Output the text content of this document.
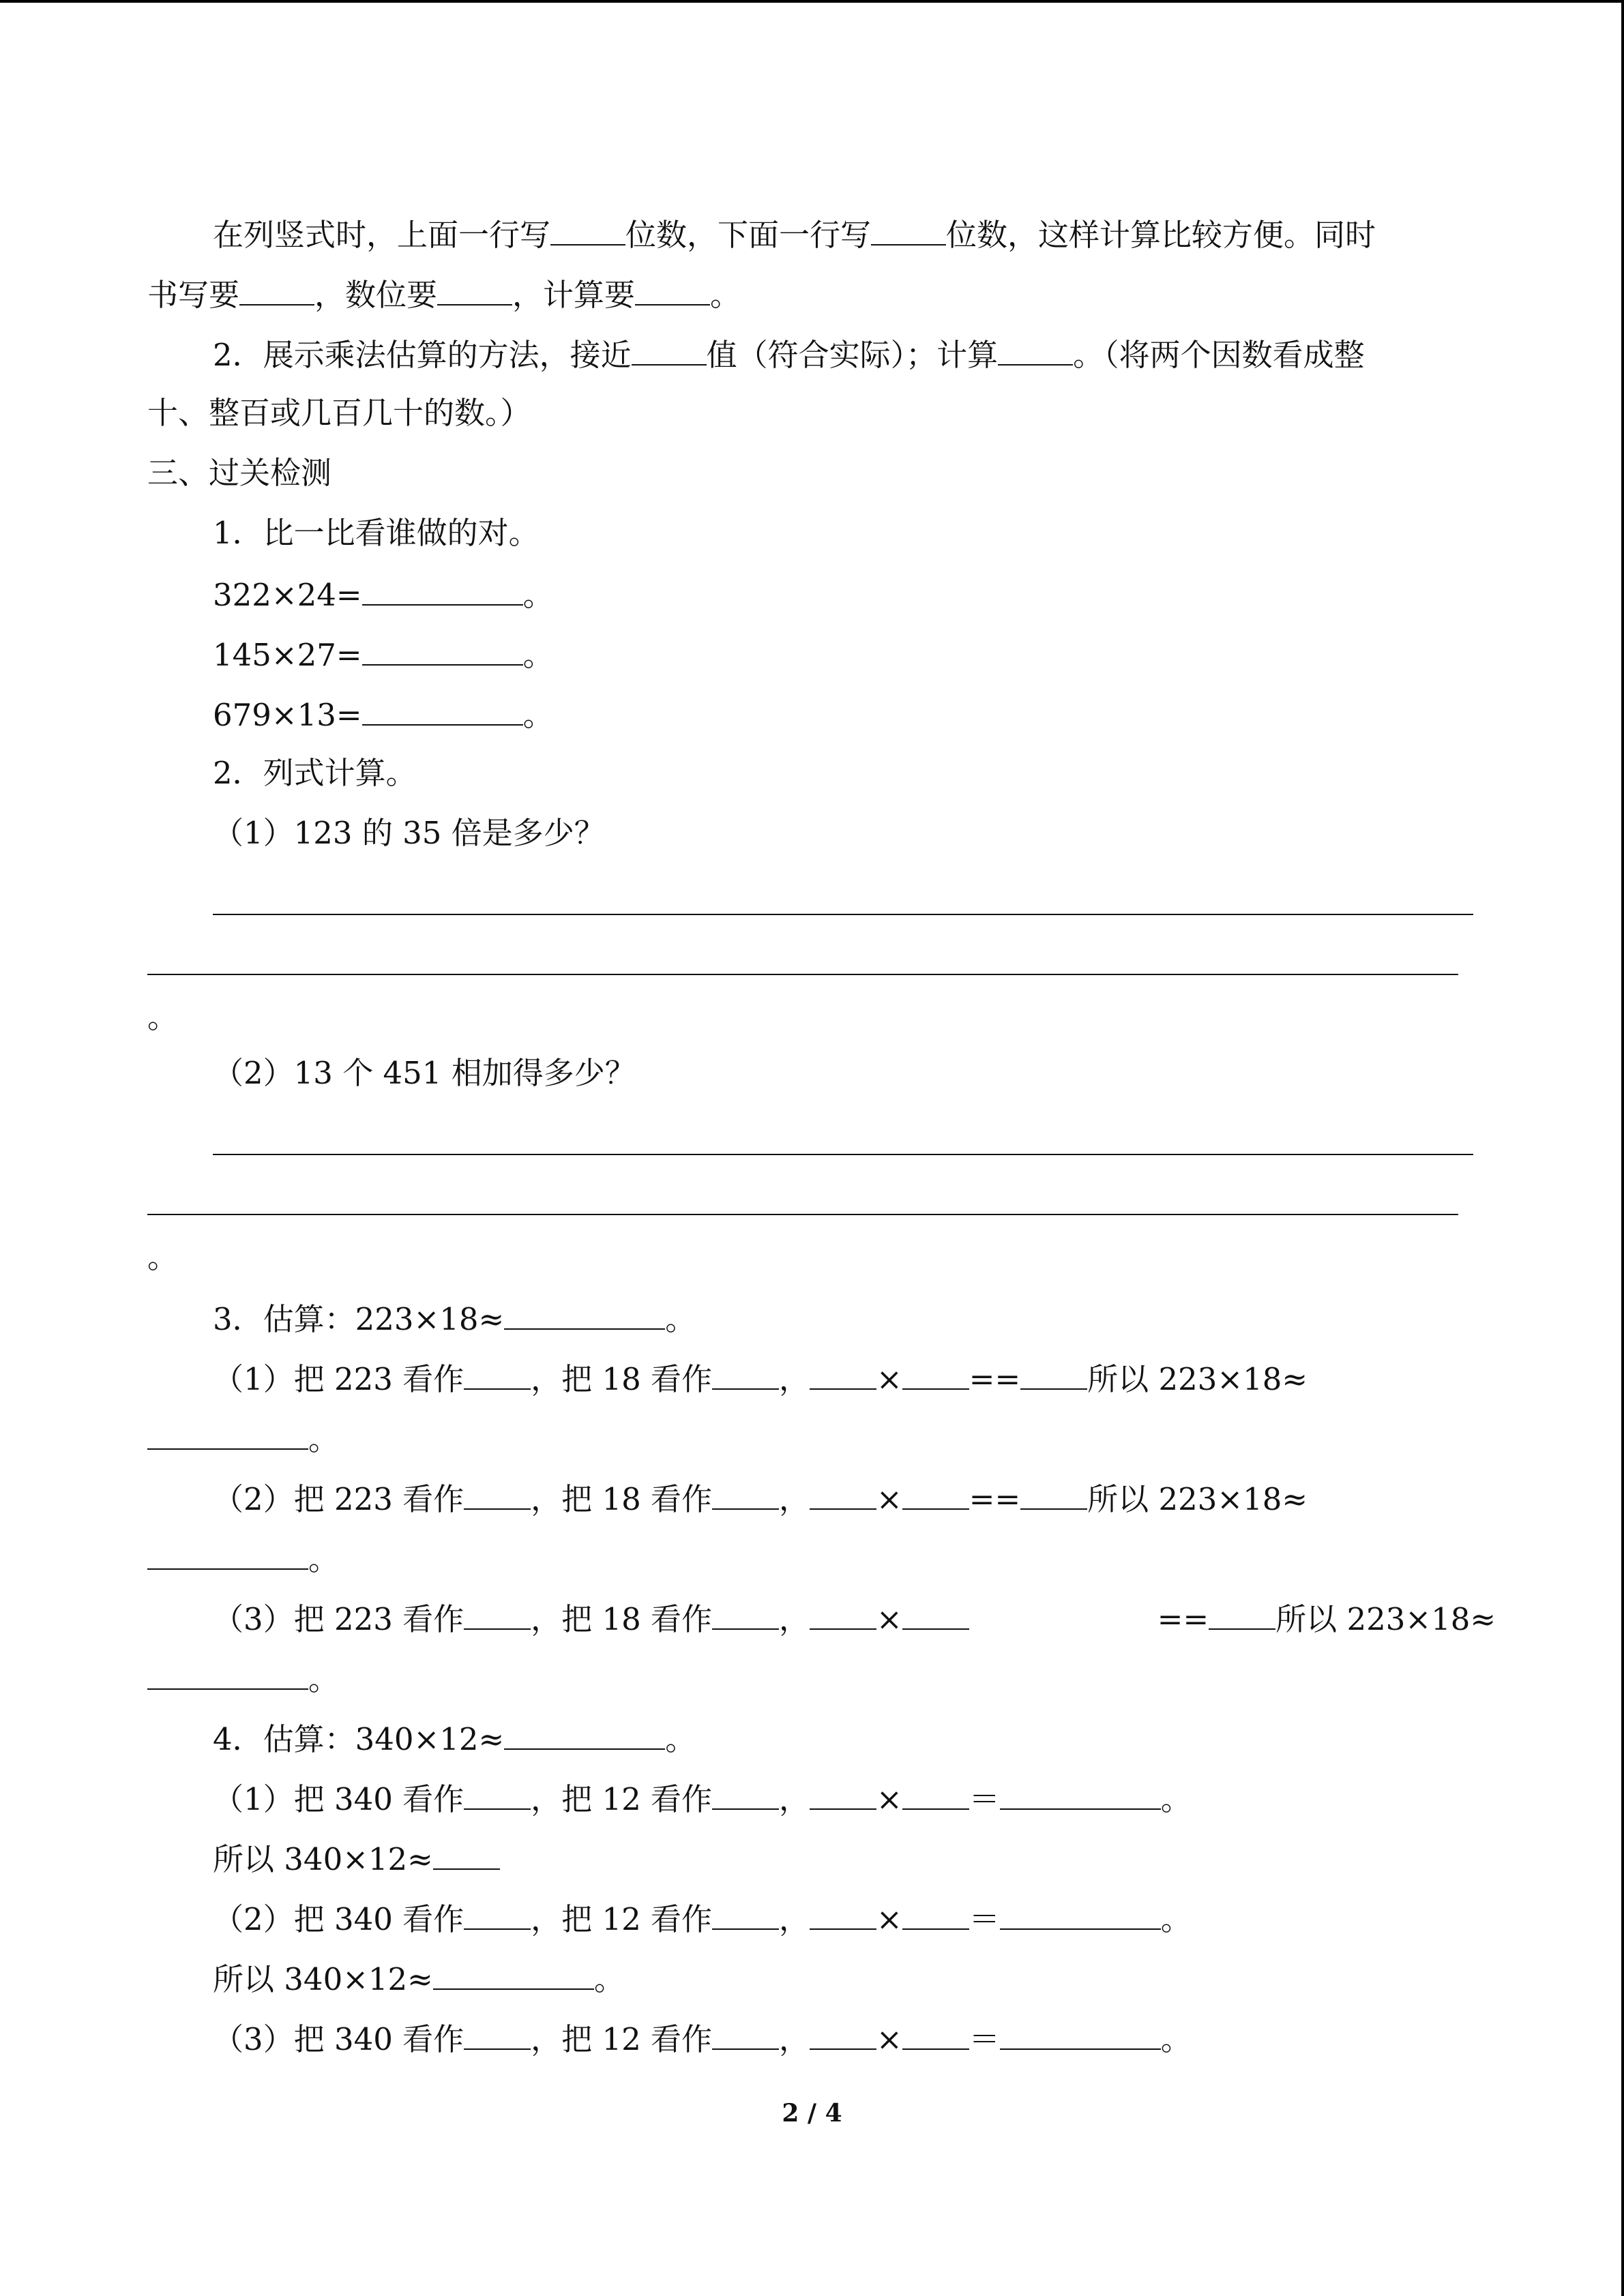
在列竖式时，上面一行写 位数，下面一行写 位数，这样计算比较方便。同时

书写要 ，数位要 ，计算要 。

2．展示乘法估算的方法，接近 值（符合实际）；计算 。（将两个因数看成整

十、整百或几百几十的数。）

三、过关检测

1．比一比看谁做的对。

322×24=	。

145×27=	。

679×13=	。

2．列式计算。

（1）123 的 35 倍是多少？

。

（2）13 个 451 相加得多少？

。

3．估算：223×18≈	。

（1）把 223 看作 ，把 18 看作 ， × == 所以 223×18≈

。

（2）把 223 看作 ，把 18 看作 ， × == 所以 223×18≈

。

（3）把 223 看作 ，把 18 看作 ， ×	== 所以 223×18≈

。

4．估算：340×12≈	。

（1）把 340 看作 ，把 12 看作 ， × ＝	。

所以 340×12≈

（2）把 340 看作 ，把 12 看作 ， × ＝	。

所以 340×12≈	。

（3）把 340 看作 ，把 12 看作 ， × ＝	。

2 / 4
